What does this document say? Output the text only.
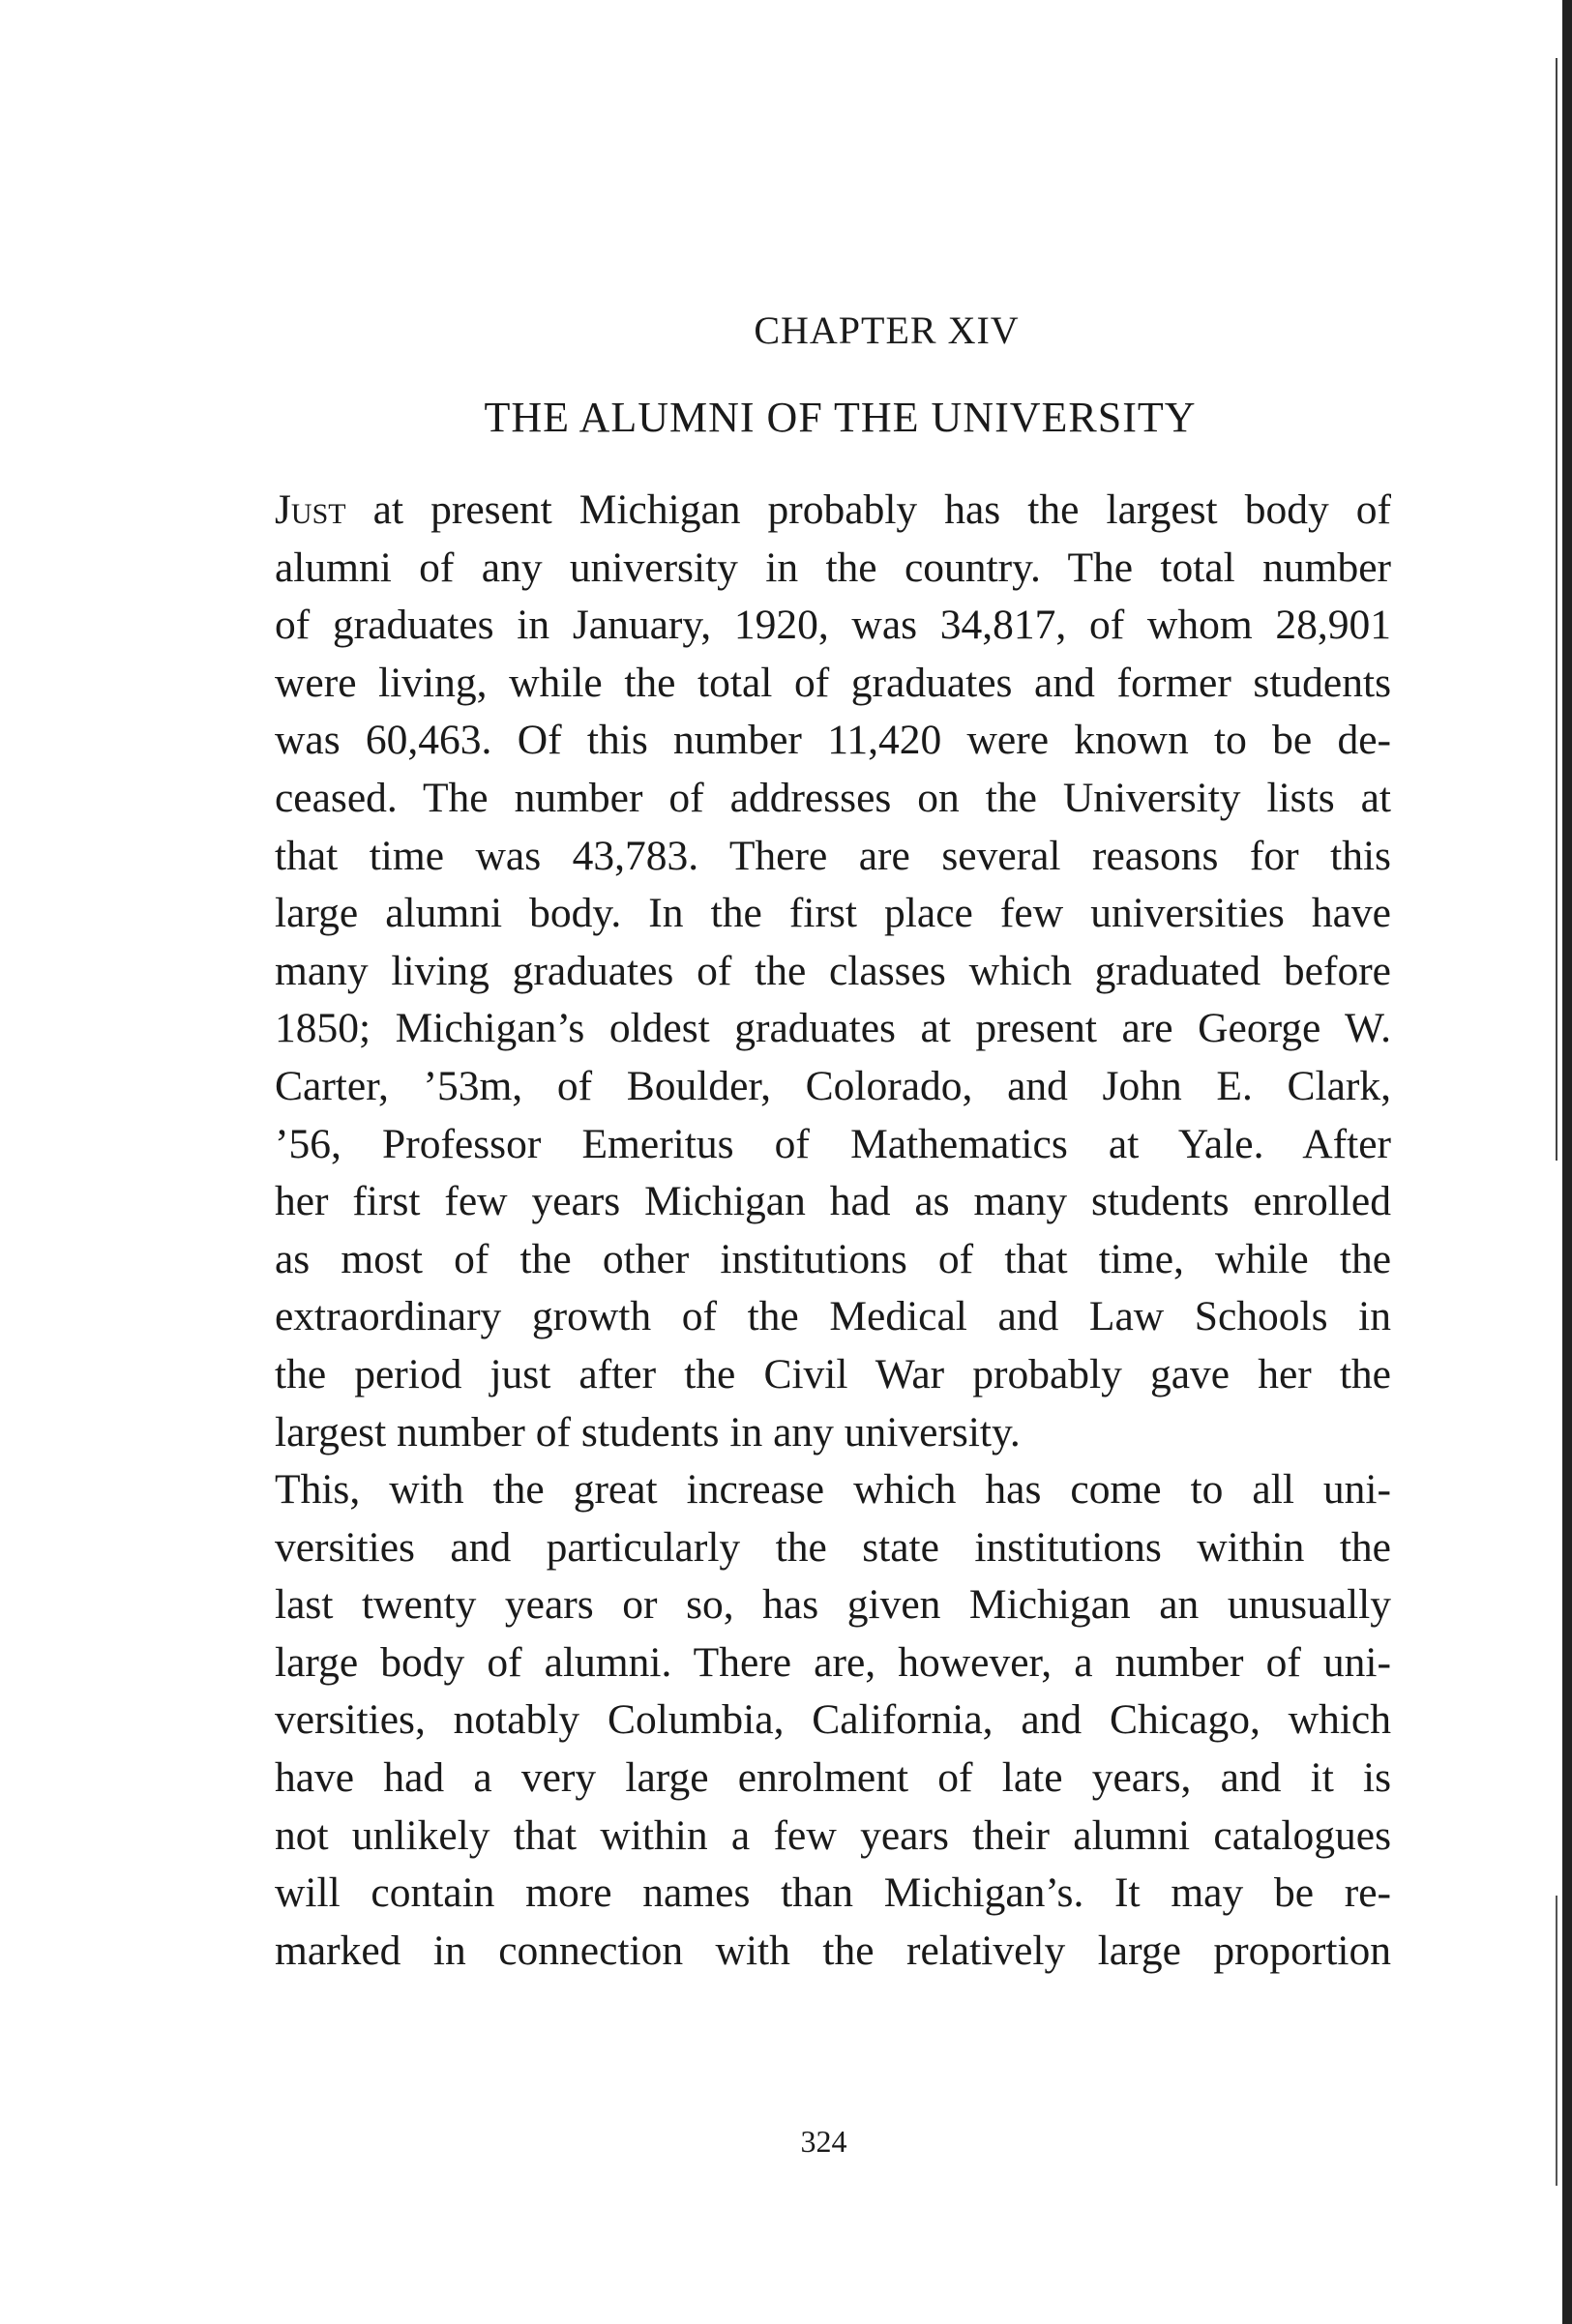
CHAPTER XIV
THE ALUMNI OF THE UNIVERSITY
Just at present Michigan probably has the largest body of
alumni of any university in the country. The total number
of graduates in January, 1920, was 34,817, of whom 28,901
were living, while the total of graduates and former students
was 60,463. Of this number 11,420 were known to be de-
ceased. The number of addresses on the University lists at
that time was 43,783. There are several reasons for this
large alumni body. In the first place few universities have
many living graduates of the classes which graduated before
1850; Michigan’s oldest graduates at present are George W.
Carter, ’53m, of Boulder, Colorado, and John E. Clark,
’56, Professor Emeritus of Mathematics at Yale. After
her first few years Michigan had as many students enrolled
as most of the other institutions of that time, while the
extraordinary growth of the Medical and Law Schools in
the period just after the Civil War probably gave her the
largest number of students in any university.
This, with the great increase which has come to all uni-
versities and particularly the state institutions within the
last twenty years or so, has given Michigan an unusually
large body of alumni. There are, however, a number of uni-
versities, notably Columbia, California, and Chicago, which
have had a very large enrolment of late years, and it is
not unlikely that within a few years their alumni catalogues
will contain more names than Michigan’s. It may be re-
marked in connection with the relatively large proportion
324
